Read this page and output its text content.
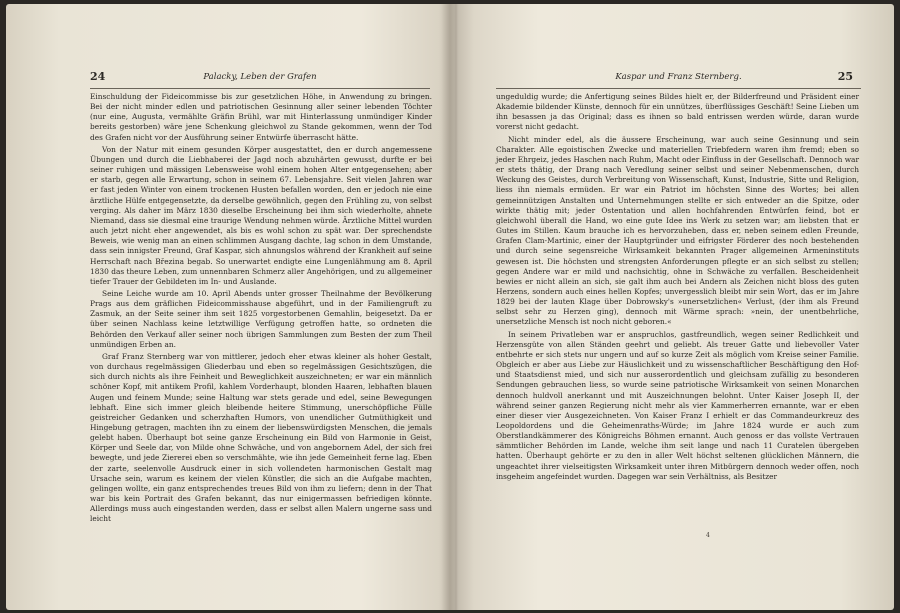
24	Palacky, Leben der Grafen

Einschuldung der Fideicommisse bis zur gesetzlichen Höhe, in Anwendung zu bringen. Bei der nicht minder edlen und patriotischen Gesinnung aller seiner lebenden Töchter (nur eine, Augusta, vermählte Gräfin Brühl, war mit Hinterlassung unmündiger Kinder bereits gestorben) wäre jene Schenkung gleichwol zu Stande gekommen, wenn der Tod des Grafen nicht vor der Ausführung seiner Entwürfe überrascht hätte.

Von der Natur mit einem gesunden Körper ausgestattet, den er durch angemessene Übungen und durch die Liebhaberei der Jagd noch abzuhärten gewusst, durfte er bei seiner ruhigen und mässigen Lebensweise wohl einem hohen Alter entgegensehen; aber er starb, gegen alle Erwartung, schon in seinem 67. Lebensjahre. Seit vielen Jahren war er fast jeden Winter von einem trockenen Husten befallen worden, den er jedoch nie eine ärztliche Hülfe entgegensetzte, da derselbe gewöhnlich, gegen den Frühling zu, von selbst verging. Als daher im März 1830 dieselbe Erscheinung bei ihm sich wiederholte, ahnete Niemand, dass sie diesmal eine traurige Wendung nehmen würde. Ärztliche Mittel wurden auch jetzt nicht eher angewendet, als bis es wohl schon zu spät war. Der sprechendste Beweis, wie wenig man an einen schlimmen Ausgang dachte, lag schon in dem Umstande, dass sein innigster Freund, Graf Kaspar, sich ahnungslos während der Krankheit auf seine Herrschaft nach Březina begab. So unerwartet endigte eine Lungenlähmung am 8. April 1830 das theure Leben, zum unnennbaren Schmerz aller Angehörigen, und zu allgemeiner tiefer Trauer der Gebildeten im In- und Auslande.

Seine Leiche wurde am 10. April Abends unter grosser Theilnahme der Bevölkerung Prags aus dem gräflichen Fideicommisshause abgeführt, und in der Familiengruft zu Zasmuk, an der Seite seiner ihm seit 1825 vorgestorbenen Gemahlin, beigesetzt. Da er über seinen Nachlass keine letztwillige Verfügung getroffen hatte, so ordneten die Behörden den Verkauf aller seiner noch übrigen Sammlungen zum Besten der zum Theil unmündigen Erben an.

Graf Franz Sternberg war von mittlerer, jedoch eher etwas kleiner als hoher Gestalt, von durchaus regelmässigen Gliederbau und eben so regelmässigen Gesichtszügen, die sich durch nichts als ihre Feinheit und Beweglichkeit auszeichneten; er war ein männlich schöner Kopf, mit antikem Profil, kahlem Vorderhaupt, blonden Haaren, lebhaften blauen Augen und feinem Munde; seine Haltung war stets gerade und edel, seine Bewegungen lebhaft. Eine sich immer gleich bleibende heitere Stimmung, unerschöpfliche Fülle geistreicher Gedanken und scherzhaften Humors, von unendlicher Gutmüthigkeit und Hingebung getragen, machten ihn zu einem der liebenswürdigsten Menschen, die jemals gelebt haben. Überhaupt bot seine ganze Erscheinung ein Bild von Harmonie in Geist, Körper und Seele dar, von Milde ohne Schwäche, und von angebornem Adel, der sich frei bewegte, und jede Ziererei eben so verschmähte, wie ihn jede Gemeinheit ferne lag. Eben der zarte, seelenvolle Ausdruck einer in sich vollendeten harmonischen Gestalt mag Ursache sein, warum es keinem der vielen Künstler, die sich an die Aufgabe machten, gelingen wollte, ein ganz entsprechendes treues Bild von ihm zu liefern; denn in der That war bis kein Portrait des Grafen bekannt, das nur einigermassen befriedigen könnte. Allerdings muss auch eingestanden werden, dass er selbst allen Malern ungerne sass und leicht

Kaspar und Franz Sternberg.	25

ungeduldig wurde; die Anfertigung seines Bildes hielt er, der Bilderfreund und Präsident einer Akademie bildender Künste, dennoch für ein unnützes, überflüssiges Geschäft! Seine Lieben um ihn besassen ja das Original; dass es ihnen so bald entrissen werden würde, daran wurde vorerst nicht gedacht.

Nicht minder edel, als die äussere Erscheinung, war auch seine Gesinnung und sein Charakter. Alle egoistischen Zwecke und materiellen Triebfedern waren ihm fremd; eben so jeder Ehrgeiz, jedes Haschen nach Ruhm, Macht oder Einfluss in der Gesellschaft. Dennoch war er stets thätig, der Drang nach Veredlung seiner selbst und seiner Nebenmenschen, durch Weckung des Geistes, durch Verbreitung von Wissenschaft, Kunst, Industrie, Sitte und Religion, liess ihn niemals ermüden. Er war ein Patriot im höchsten Sinne des Wortes; bei allen gemeinnützigen Anstalten und Unternehmungen stellte er sich entweder an die Spitze, oder wirkte thätig mit; jeder Ostentation und allen hochfahrenden Entwürfen feind, bot er gleichwohl überall die Hand, wo eine gute Idee ins Werk zu setzen war; am liebsten that er Gutes im Stillen. Kaum brauche ich es hervorzuheben, dass er, neben seinem edlen Freunde, Grafen Clam-Martinic, einer der Hauptgründer und eifrigster Förderer des noch bestehenden und durch seine segensreiche Wirksamkeit bekannten Prager allgemeinen Armeninstituts gewesen ist. Die höchsten und strengsten Anforderungen pflegte er an sich selbst zu stellen; gegen Andere war er mild und nachsichtig, ohne in Schwäche zu verfallen. Bescheidenheit bewies er nicht allein an sich, sie galt ihm auch bei Andern als Zeichen nicht bloss des guten Herzens, sondern auch eines hellen Kopfes; unvergesslich bleibt mir sein Wort, das er im Jahre 1829 bei der lauten Klage über Dobrowsky's »unersetzlichen« Verlust, (der ihm als Freund selbst sehr zu Herzen ging), dennoch mit Wärme sprach: »nein, der unentbehrliche, unersetzliche Mensch ist noch nicht geboren.«

In seinem Privatleben war er anspruchlos, gastfreundlich, wegen seiner Redlichkeit und Herzensgüte von allen Ständen geehrt und geliebt. Als treuer Gatte und liebevoller Vater entbehrte er sich stets nur ungern und auf so kurze Zeit als möglich vom Kreise seiner Familie. Obgleich er aber aus Liebe zur Häuslichkeit und zu wissenschaftlicher Beschäftigung den Hof- und Staatsdienst mied, und sich nur ausserordentlich und gleichsam zufällig zu besonderen Sendungen gebrauchen liess, so wurde seine patriotische Wirksamkeit von seinen Monarchen dennoch huldvoll anerkannt und mit Auszeichnungen belohnt. Unter Kaiser Joseph II, der während seiner ganzen Regierung nicht mehr als vier Kammerherren ernannte, war er eben einer dieser vier Ausgezeichneten. Von Kaiser Franz I erhielt er das Commandeurkreuz des Leopoldordens und die Geheimenraths-Würde; im Jahre 1824 wurde er auch zum Oberstlandkämmerer des Königreichs Böhmen ernannt. Auch genoss er das vollste Vertrauen sämmtlicher Behörden im Lande, welche ihm seit lange und nach 11 Curatelen übergeben hatten. Überhaupt gehörte er zu den in aller Welt höchst seltenen glücklichen Männern, die ungeachtet ihrer vielseitigsten Wirksamkeit unter ihren Mitbürgern dennoch weder offen, noch insgeheim angefeindet wurden. Dagegen war sein Verhältniss, als Besitzer

4
